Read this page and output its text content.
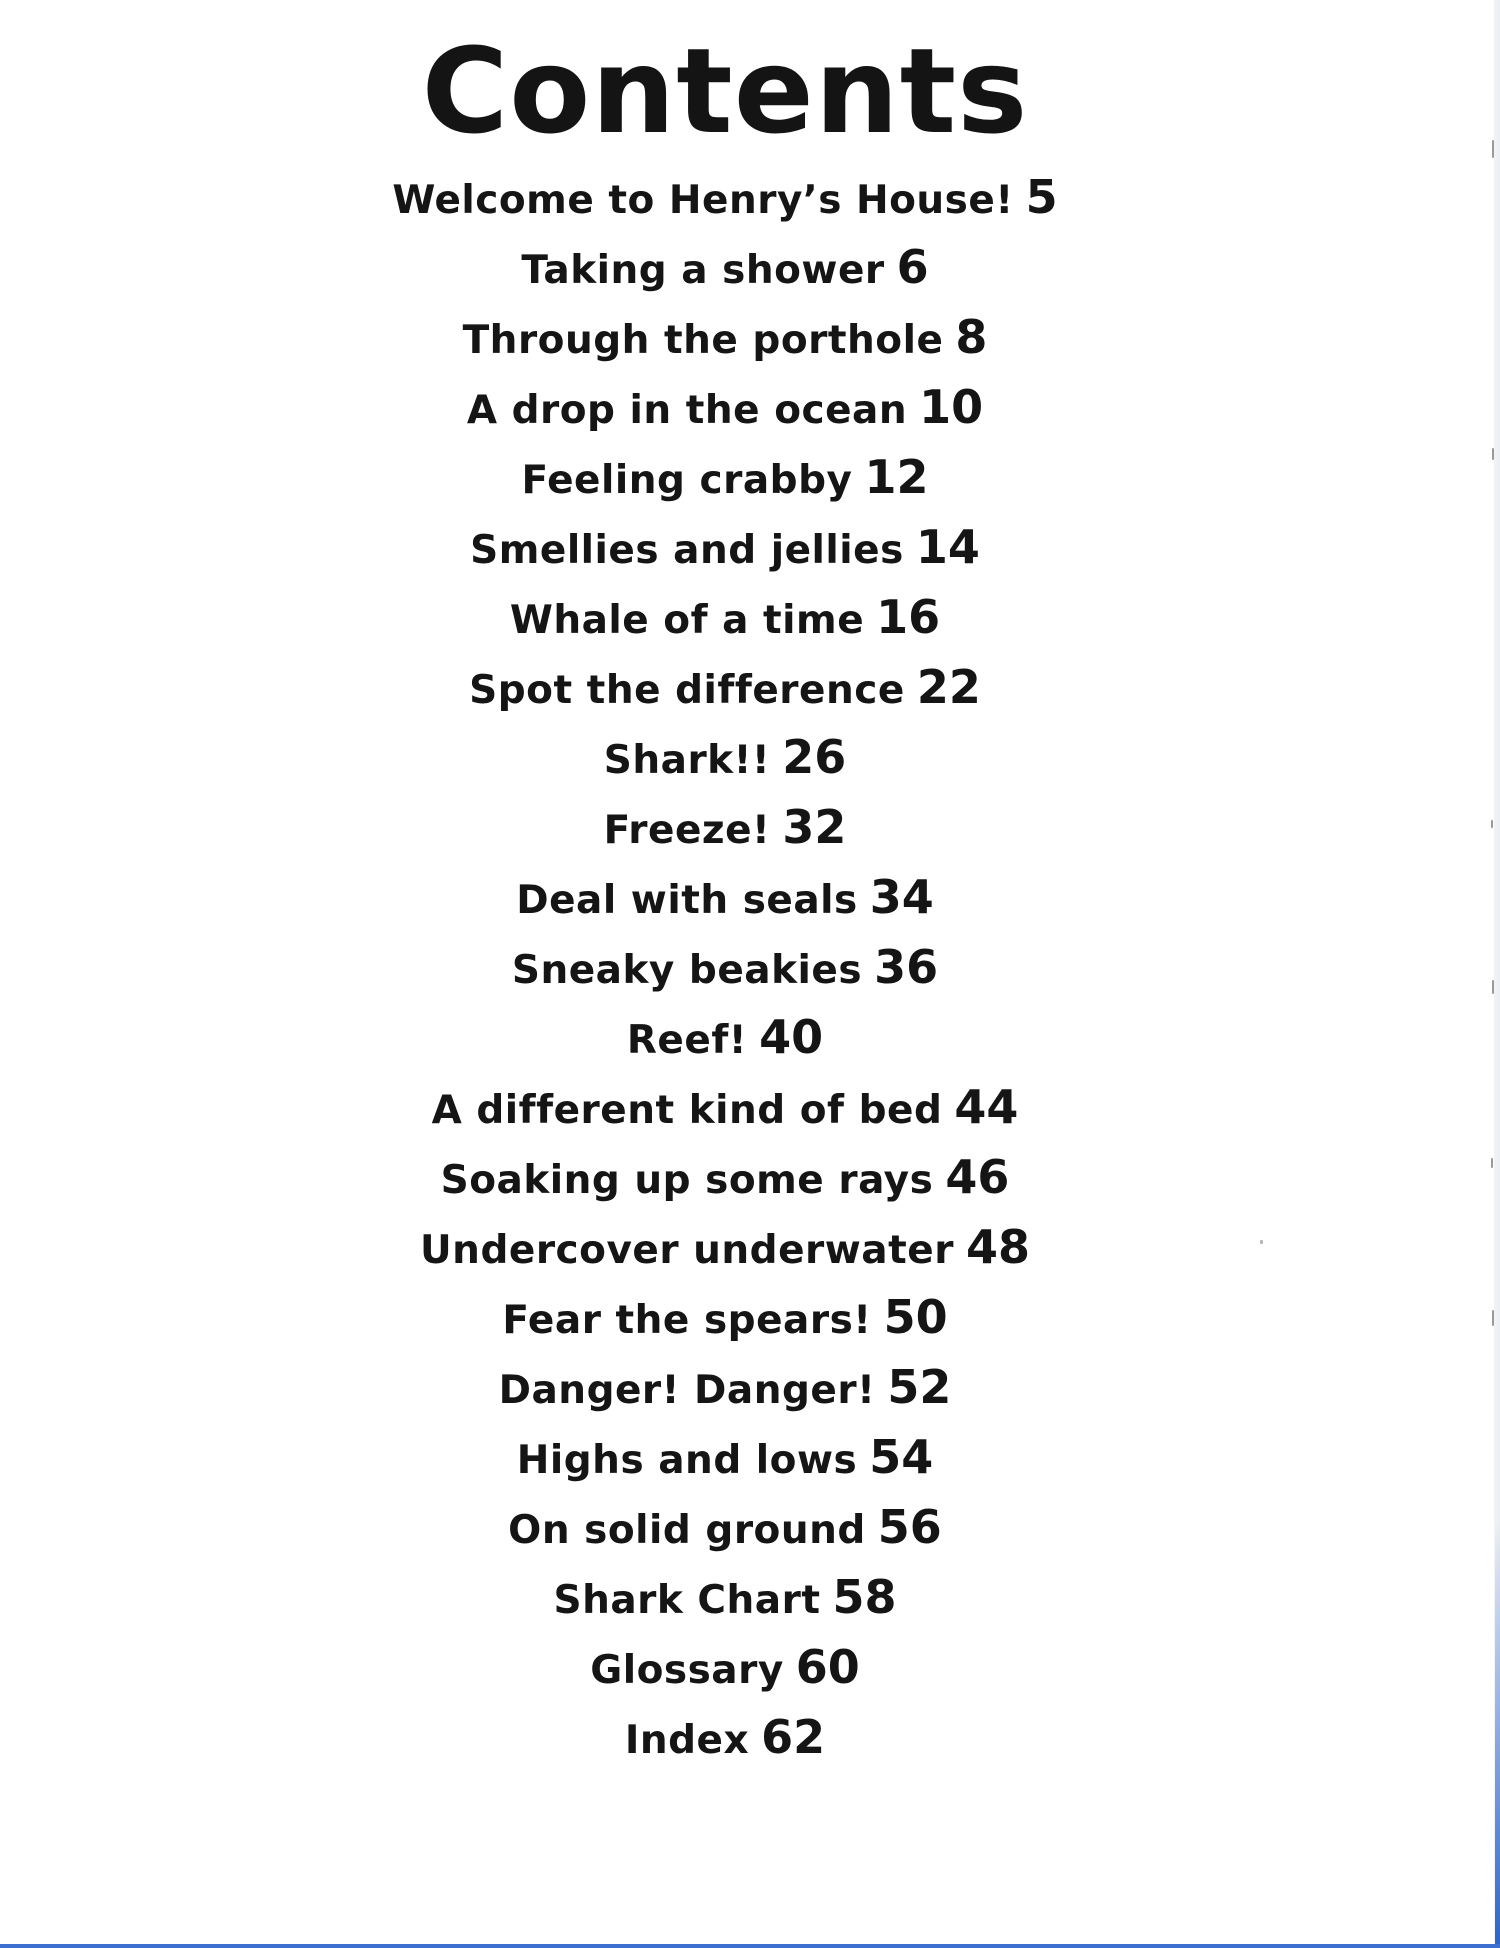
Contents
Welcome to Henry’s House! 5
Taking a shower 6
Through the porthole 8
A drop in the ocean 10
Feeling crabby 12
Smellies and jellies 14
Whale of a time 16
Spot the difference 22
Shark!! 26
Freeze! 32
Deal with seals 34
Sneaky beakies 36
Reef! 40
A different kind of bed 44
Soaking up some rays 46
Undercover underwater 48
Fear the spears! 50
Danger! Danger! 52
Highs and lows 54
On solid ground 56
Shark Chart 58
Glossary 60
Index 62
